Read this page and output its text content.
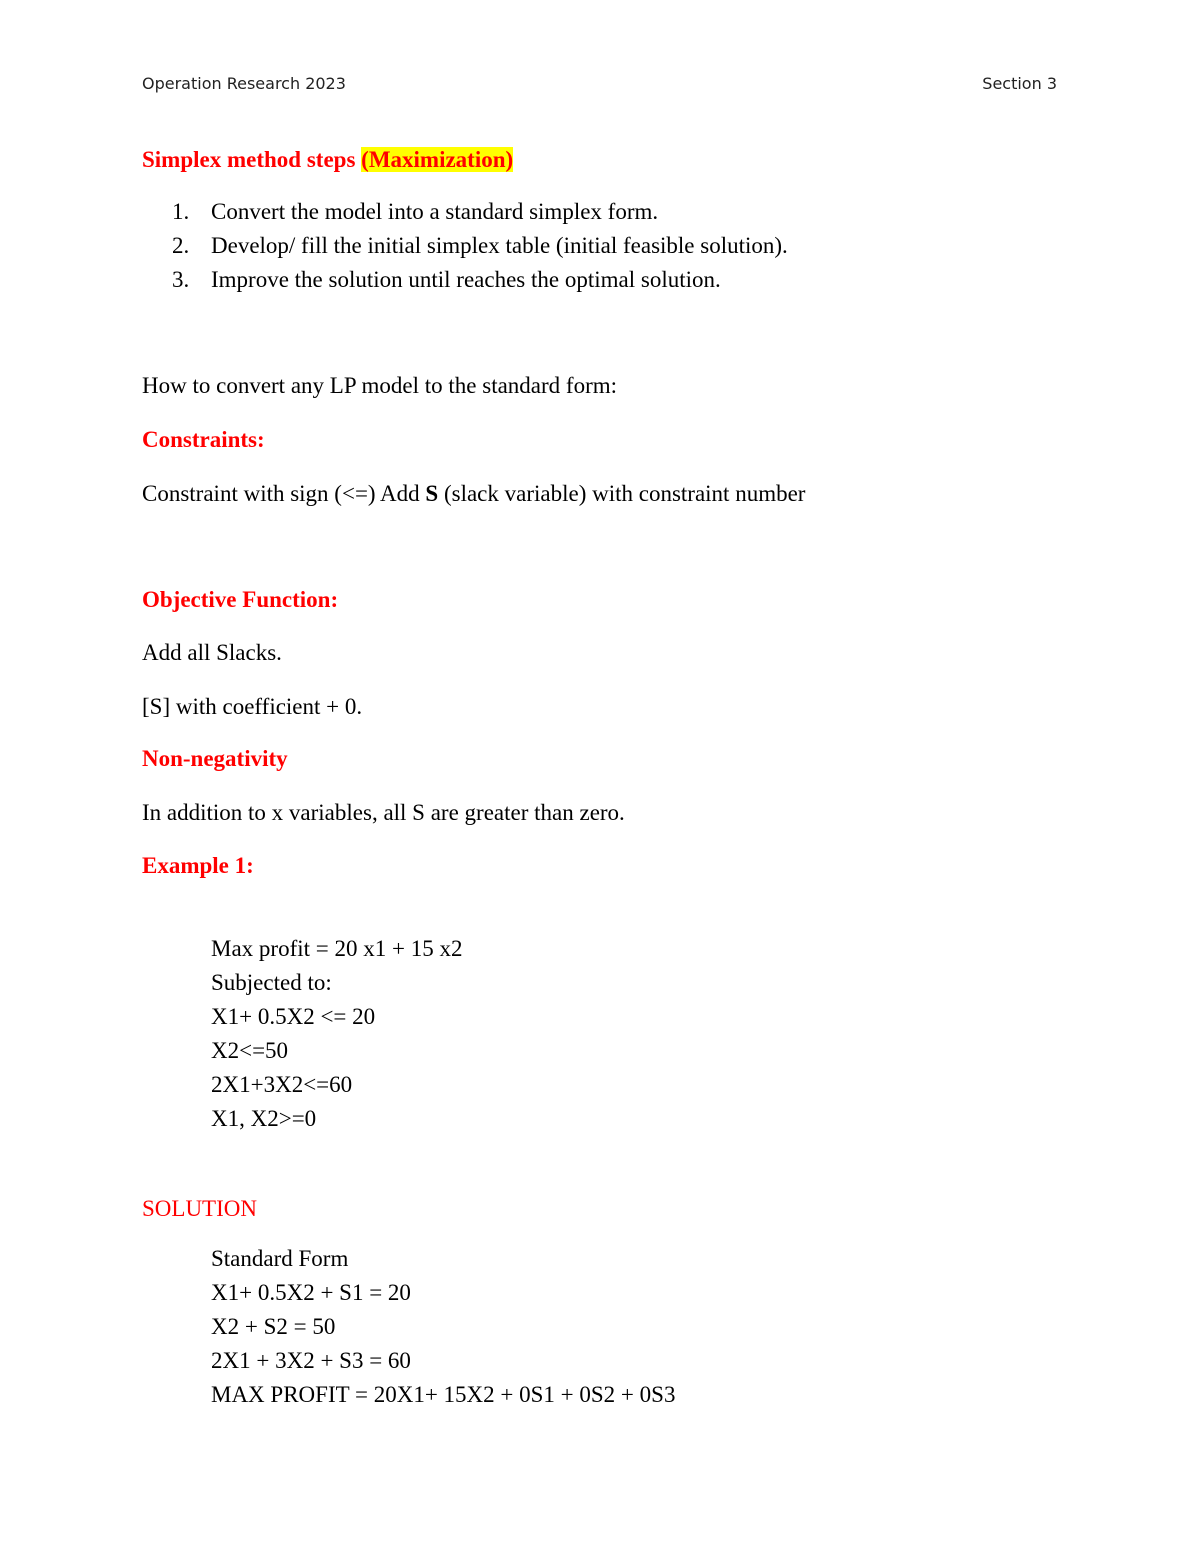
Operation Research 2023	Section 3
Simplex method steps (Maximization)
1. Convert the model into a standard simplex form.
2. Develop/ fill the initial simplex table (initial feasible solution).
3. Improve the solution until reaches the optimal solution.
How to convert any LP model to the standard form:
Constraints:
Constraint with sign (<=) Add S (slack variable) with constraint number
Objective Function:
Add all Slacks.
[S] with coefficient + 0.
Non-negativity
In addition to x variables, all S are greater than zero.
Example 1:
Max profit = 20 x1 + 15 x2
Subjected to:
X1+ 0.5X2 <= 20
X2<=50
2X1+3X2<=60
X1, X2>=0
SOLUTION
Standard Form
X1+ 0.5X2 + S1 = 20
X2 + S2 = 50
2X1 + 3X2 + S3 = 60
MAX PROFIT = 20X1+ 15X2 + 0S1 + 0S2 + 0S3
